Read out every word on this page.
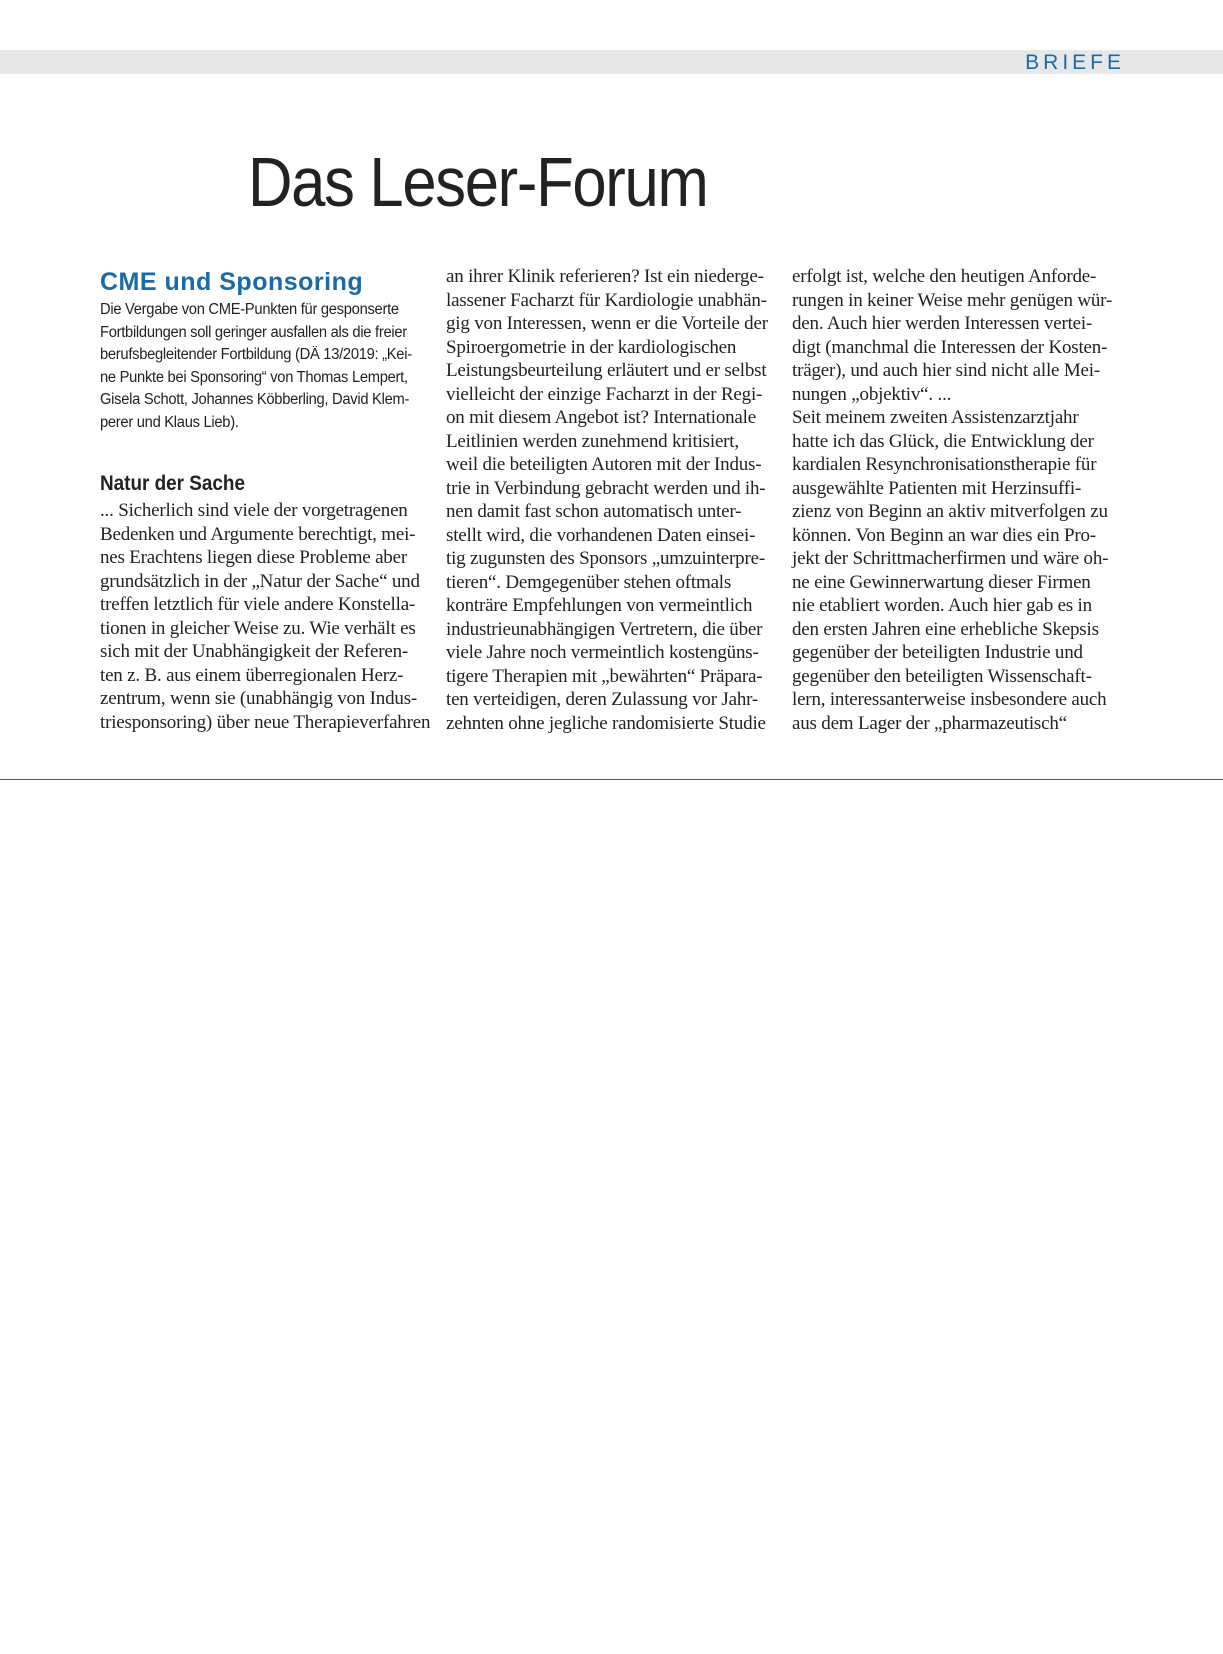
BRIEFE
Das Leser-Forum
CME und Sponsoring
Die Vergabe von CME-Punkten für gesponserte
Fortbildungen soll geringer ausfallen als die freier
berufsbegleitender Fortbildung (DÄ 13/2019: „Kei-
ne Punkte bei Sponsoring“ von Thomas Lempert,
Gisela Schott, Johannes Köbberling, David Klem-
perer und Klaus Lieb).
Natur der Sache
... Sicherlich sind viele der vorgetragenen
Bedenken und Argumente berechtigt, mei-
nes Erachtens liegen diese Probleme aber
grundsätzlich in der „Natur der Sache“ und
treffen letztlich für viele andere Konstella-
tionen in gleicher Weise zu. Wie verhält es
sich mit der Unabhängigkeit der Referen-
ten z. B. aus einem überregionalen Herz-
zentrum, wenn sie (unabhängig von Indus-
triesponsoring) über neue Therapieverfahren
an ihrer Klinik referieren? Ist ein niederge-
lassener Facharzt für Kardiologie unabhän-
gig von Interessen, wenn er die Vorteile der
Spiroergometrie in der kardiologischen
Leistungsbeurteilung erläutert und er selbst
vielleicht der einzige Facharzt in der Regi-
on mit diesem Angebot ist? Internationale
Leitlinien werden zunehmend kritisiert,
weil die beteiligten Autoren mit der Indus-
trie in Verbindung gebracht werden und ih-
nen damit fast schon automatisch unter-
stellt wird, die vorhandenen Daten einsei-
tig zugunsten des Sponsors „umzuinterpre-
tieren“. Demgegenüber stehen oftmals
konträre Empfehlungen von vermeintlich
industrieunabhängigen Vertretern, die über
viele Jahre noch vermeintlich kostengüns-
tigere Therapien mit „bewährten“ Präpara-
ten verteidigen, deren Zulassung vor Jahr-
zehnten ohne jegliche randomisierte Studie
erfolgt ist, welche den heutigen Anforde-
rungen in keiner Weise mehr genügen wür-
den. Auch hier werden Interessen vertei-
digt (manchmal die Interessen der Kosten-
träger), und auch hier sind nicht alle Mei-
nungen „objektiv“. ...
Seit meinem zweiten Assistenzarztjahr
hatte ich das Glück, die Entwicklung der
kardialen Resynchronisationstherapie für
ausgewählte Patienten mit Herzinsuffi-
zienz von Beginn an aktiv mitverfolgen zu
können. Von Beginn an war dies ein Pro-
jekt der Schrittmacherfirmen und wäre oh-
ne eine Gewinnerwartung dieser Firmen
nie etabliert worden. Auch hier gab es in
den ersten Jahren eine erhebliche Skepsis
gegenüber der beteiligten Industrie und
gegenüber den beteiligten Wissenschaft-
lern, interessanterweise insbesondere auch
aus dem Lager der „pharmazeutisch“
